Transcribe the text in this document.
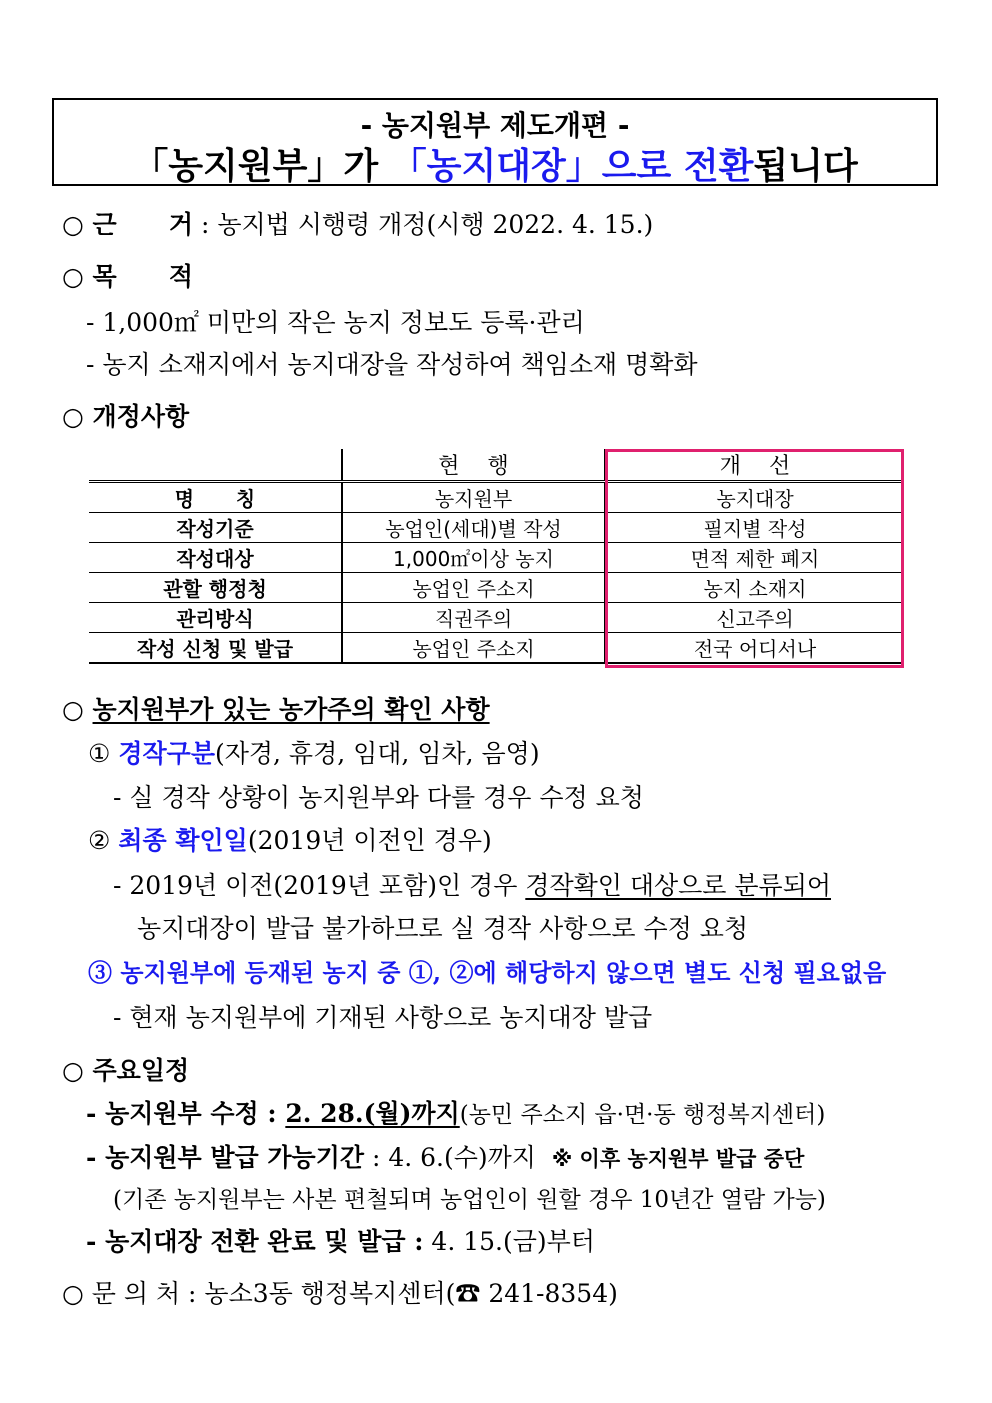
- 농지원부 제도개편 -
「농지원부」가 「농지대장」으로 전환됩니다
○ 근      거 : 농지법 시행령 개정(시행 2022. 4. 15.)
○ 목      적
- 1,000㎡ 미만의 작은 농지 정보도 등록·관리
- 농지 소재지에서 농지대장을 작성하여 책임소재 명확화
○ 개정사항
	현    행	개    선
명      칭	농지원부	농지대장
작성기준	농업인(세대)별 작성	필지별 작성
작성대상	1,000㎡이상 농지	면적 제한 폐지
관할 행정청	농업인 주소지	농지 소재지
관리방식	직권주의	신고주의
작성 신청 및 발급	농업인 주소지	전국 어디서나
○ 농지원부가 있는 농가주의 확인 사항
① 경작구분(자경, 휴경, 임대, 임차, 음영)
- 실 경작 상황이 농지원부와 다를 경우 수정 요청
② 최종 확인일(2019년 이전인 경우)
- 2019년 이전(2019년 포함)인 경우 경작확인 대상으로 분류되어
농지대장이 발급 불가하므로 실 경작 사항으로 수정 요청
③ 농지원부에 등재된 농지 중 ①, ②에 해당하지 않으면 별도 신청 필요없음
- 현재 농지원부에 기재된 사항으로 농지대장 발급
○ 주요일정
- 농지원부 수정 : 2. 28.(월)까지(농민 주소지 읍·면·동 행정복지센터)
- 농지원부 발급 가능기간 : 4. 6.(수)까지  ※ 이후 농지원부 발급 중단
(기존 농지원부는 사본 편철되며 농업인이 원할 경우 10년간 열람 가능)
- 농지대장 전환 완료 및 발급 : 4. 15.(금)부터
○ 문 의 처 : 농소3동 행정복지센터(☎ 241-8354)
